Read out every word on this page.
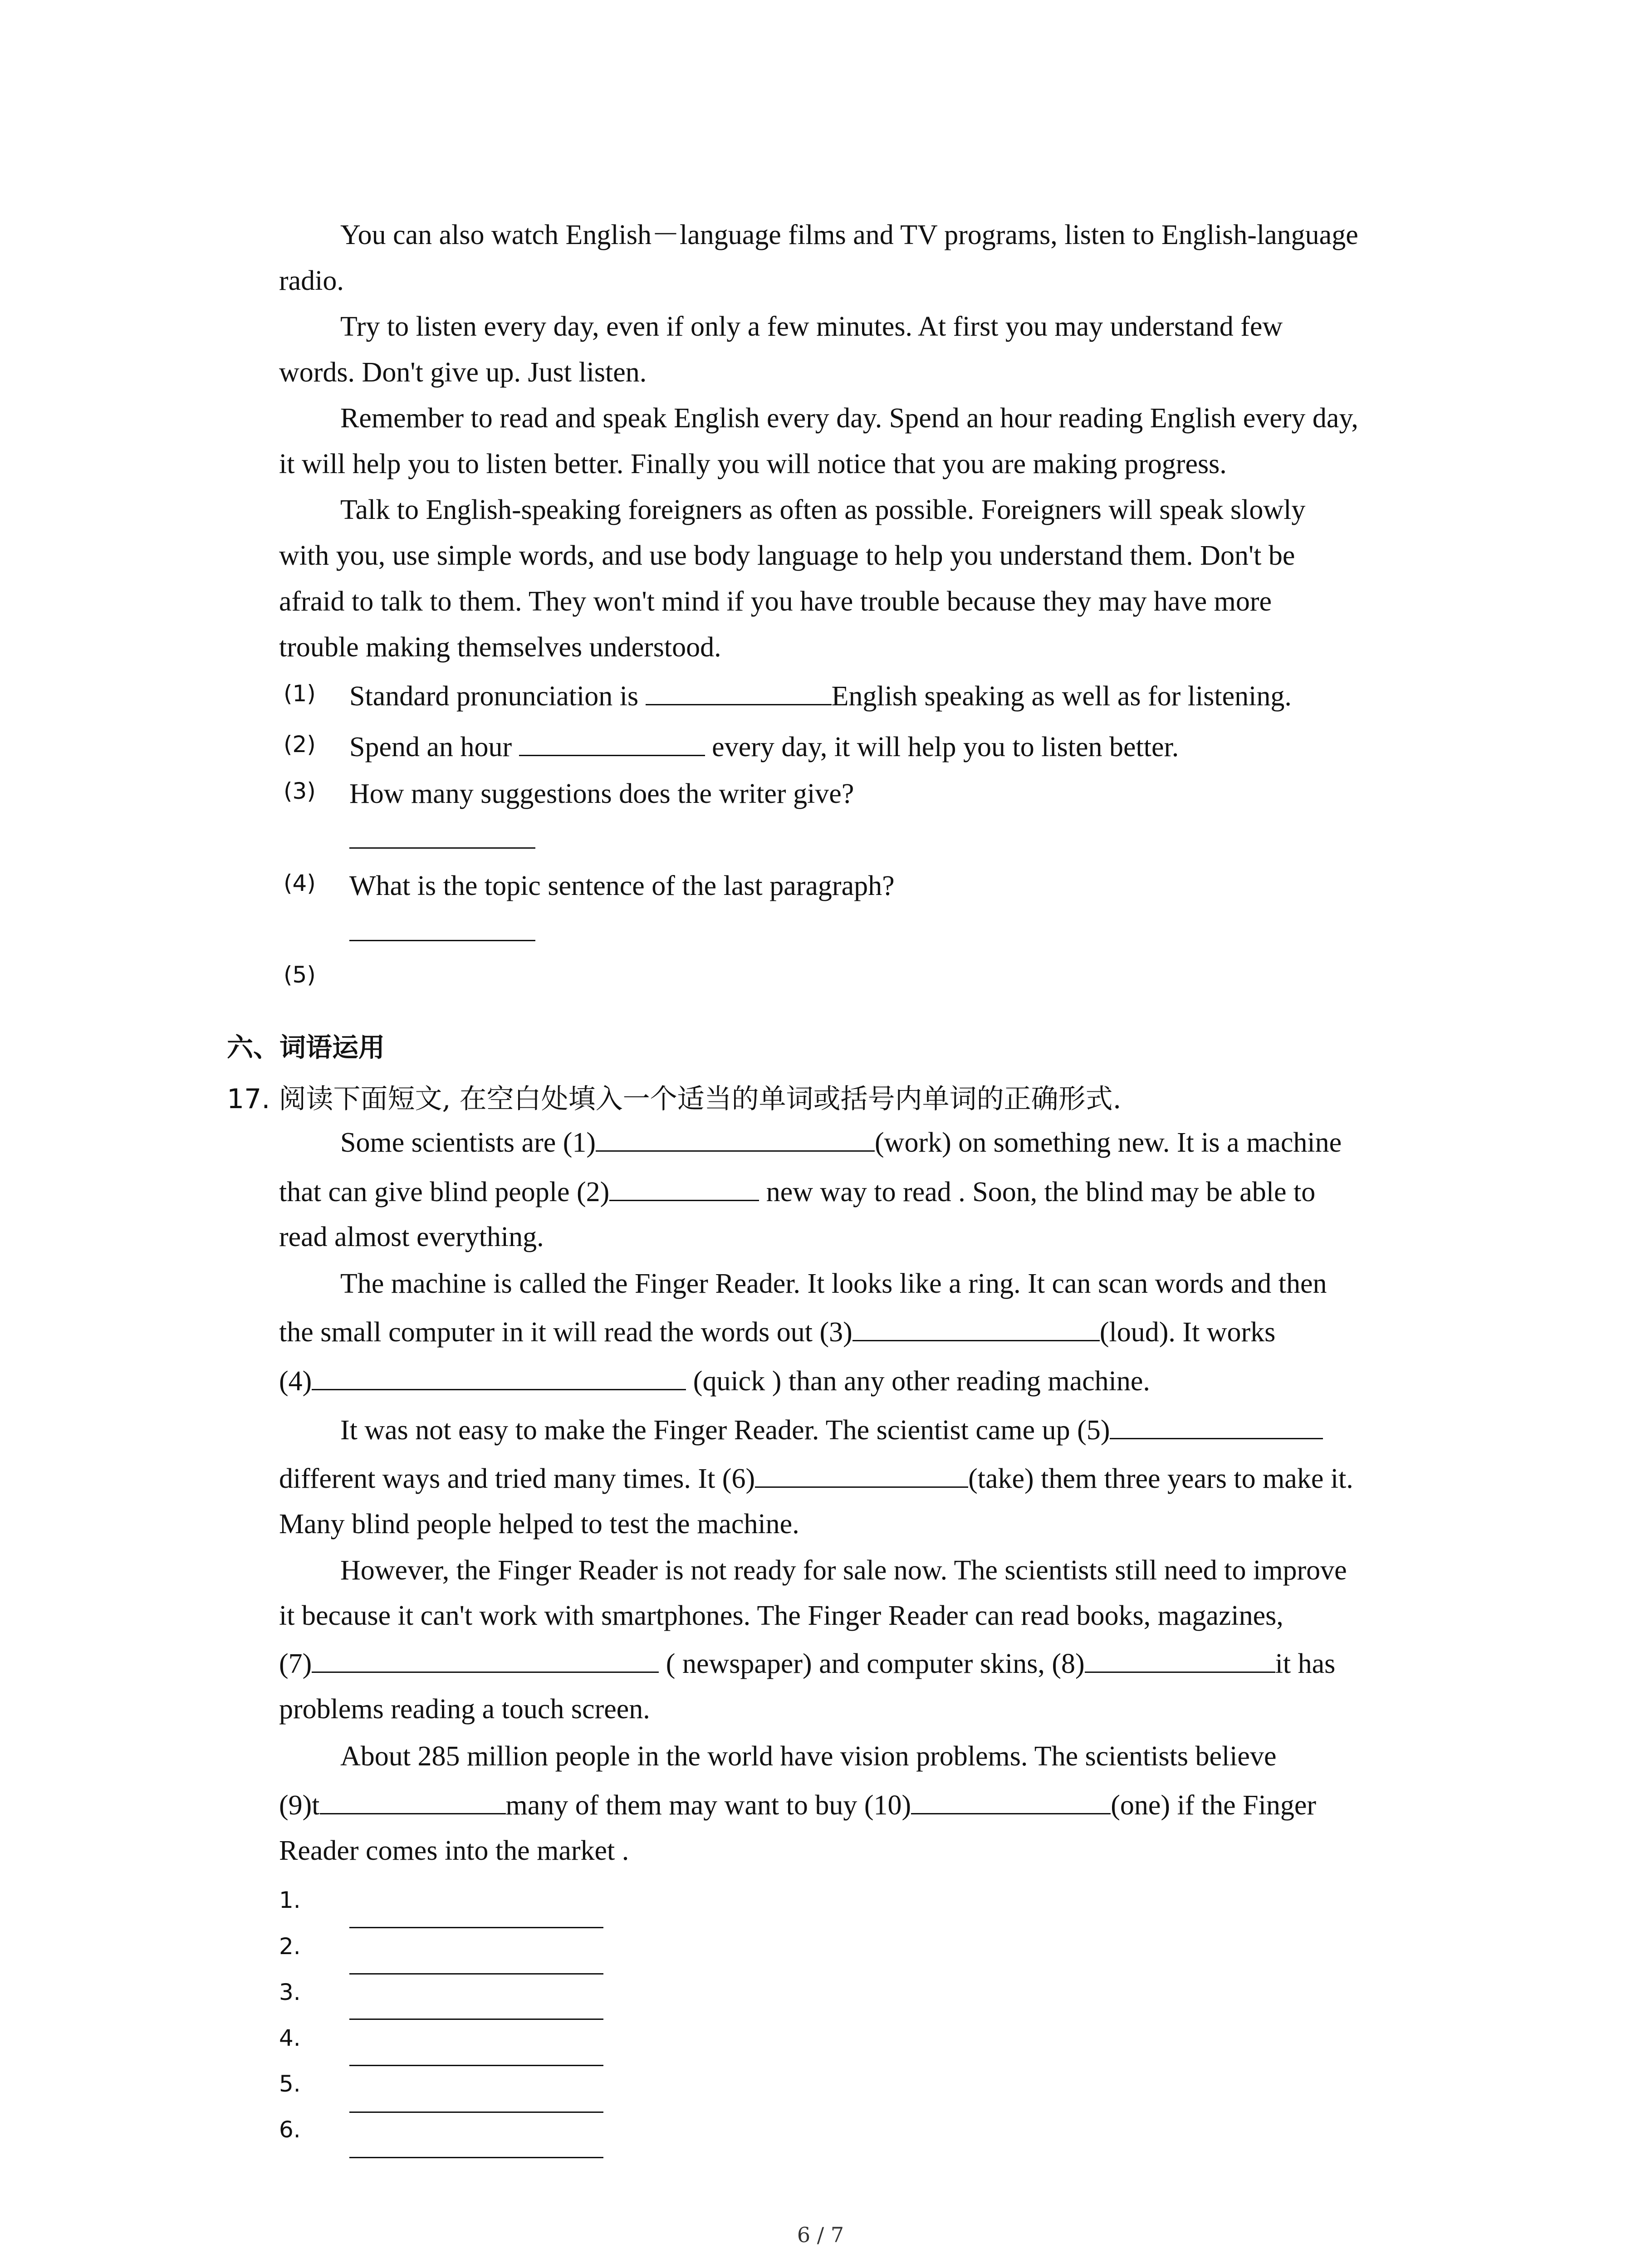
You can also watch English－language films and TV programs, listen to English-language
radio.
Try to listen every day, even if only a few minutes. At first you may understand few
words. Don't give up. Just listen.
Remember to read and speak English every day. Spend an hour reading English every day,
it will help you to listen better. Finally you will notice that you are making progress.
Talk to English-speaking foreigners as often as possible. Foreigners will speak slowly
with you, use simple words, and use body language to help you understand them. Don't be
afraid to talk to them. They won't mind if you have trouble because they may have more
trouble making themselves understood.
(1) Standard pronunciation is	English speaking as well as for listening.
(2) Spend an hour	every day, it will help you to listen better.
(3) How many suggestions does the writer give?
(4) What is the topic sentence of the last paragraph?
(5)
六、词语运用
17. 阅读下面短文, 在空白处填入一个适当的单词或括号内单词的正确形式.
Some scientists are (1)	(work) on something new. It is a machine
that can give blind people (2)	new way to read . Soon, the blind may be able to
read almost everything.
The machine is called the Finger Reader. It looks like a ring. It can scan words and then
the small computer in it will read the words out (3)	(loud). It works
(4)	(quick ) than any other reading machine.
It was not easy to make the Finger Reader. The scientist came up (5)
different ways and tried many times. It (6)	(take) them three years to make it.
Many blind people helped to test the machine.
However, the Finger Reader is not ready for sale now. The scientists still need to improve
it because it can't work with smartphones. The Finger Reader can read books, magazines,
(7)	( newspaper) and computer skins, (8)	it has
problems reading a touch screen.
About 285 million people in the world have vision problems. The scientists believe
(9)t	many of them may want to buy (10)	(one) if the Finger
Reader comes into the market .
1.
2.
3.
4.
5.
6.
6 / 7
